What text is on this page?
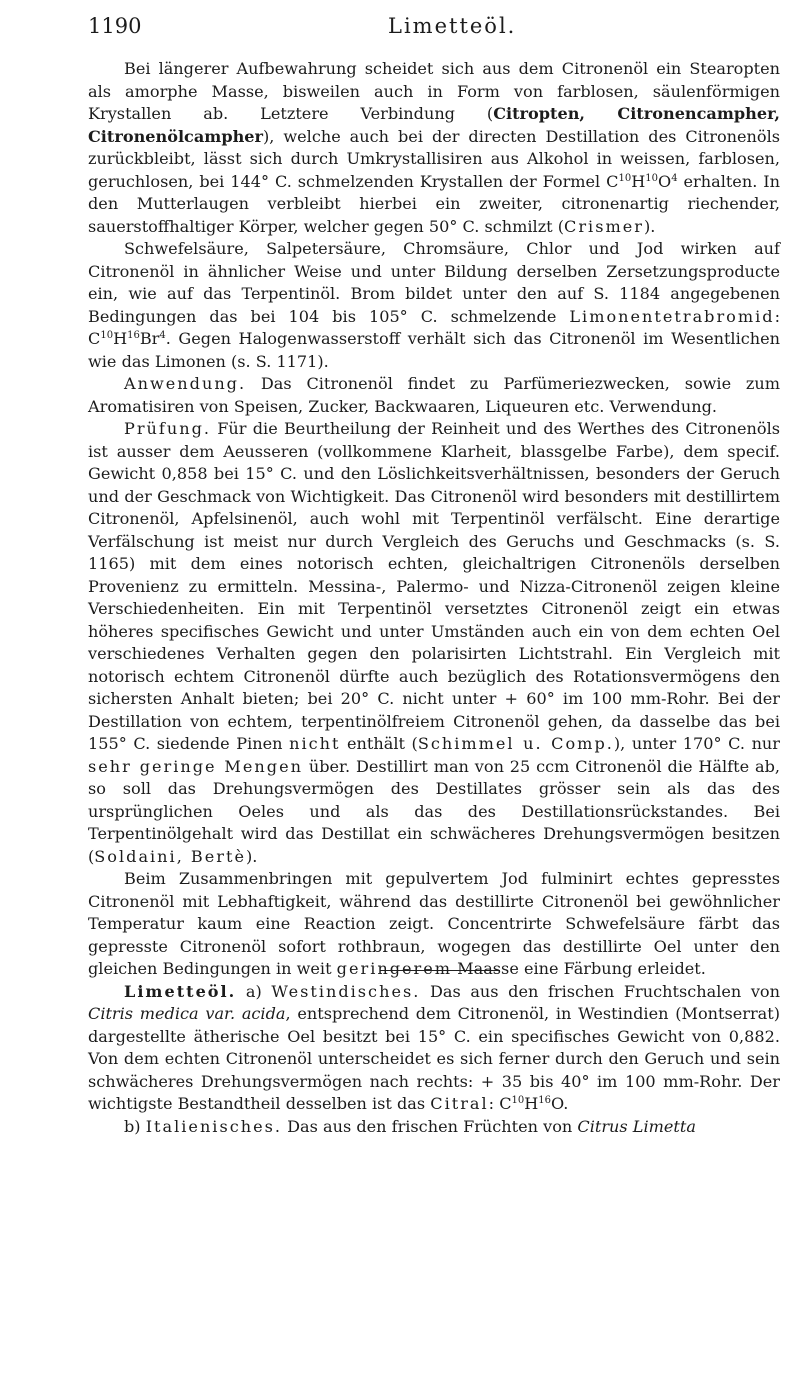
1190	Limetteöl.

Bei längerer Aufbewahrung scheidet sich aus dem Citronenöl ein Stearopten als amorphe Masse, bisweilen auch in Form von farblosen, säulenförmigen Krystallen ab. Letztere Verbindung (Citropten, Citronencampher, Citronenölcampher), welche auch bei der directen Destillation des Citronenöls zurückbleibt, lässt sich durch Umkrystallisiren aus Alkohol in weissen, farblosen, geruchlosen, bei 144° C. schmelzenden Krystallen der Formel $C^{10}H^{10}O^4$ erhalten. In den Mutterlaugen verbleibt hierbei ein zweiter, citronenartig riechender, sauerstoffhaltiger Körper, welcher gegen 50° C. schmilzt (Crismer).

Schwefelsäure, Salpetersäure, Chromsäure, Chlor und Jod wirken auf Citronenöl in ähnlicher Weise und unter Bildung derselben Zersetzungsproducte ein, wie auf das Terpentinöl. Brom bildet unter den auf S. 1184 angegebenen Bedingungen das bei 104 bis 105° C. schmelzende Limonentetrabromid: $C^{10}H^{16}Br^4$. Gegen Halogenwasserstoff verhält sich das Citronenöl im Wesentlichen wie das Limonen (s. S. 1171).

Anwendung. Das Citronenöl findet zu Parfümeriezwecken, sowie zum Aromatisiren von Speisen, Zucker, Backwaaren, Liqueuren etc. Verwendung.

Prüfung. Für die Beurtheilung der Reinheit und des Werthes des Citronenöls ist ausser dem Aeusseren (vollkommene Klarheit, blassgelbe Farbe), dem specif. Gewicht 0,858 bei 15° C. und den Löslichkeitsverhältnissen, besonders der Geruch und der Geschmack von Wichtigkeit. Das Citronenöl wird besonders mit destillirtem Citronenöl, Apfelsinenöl, auch wohl mit Terpentinöl verfälscht. Eine derartige Verfälschung ist meist nur durch Vergleich des Geruchs und Geschmacks (s. S. 1165) mit dem eines notorisch echten, gleichaltrigen Citronenöls derselben Provenienz zu ermitteln. Messina-, Palermo- und Nizza-Citronenöl zeigen kleine Verschiedenheiten. Ein mit Terpentinöl versetztes Citronenöl zeigt ein etwas höheres specifisches Gewicht und unter Umständen auch ein von dem echten Oel verschiedenes Verhalten gegen den polarisirten Lichtstrahl. Ein Vergleich mit notorisch echtem Citronenöl dürfte auch bezüglich des Rotationsvermögens den sichersten Anhalt bieten; bei 20° C. nicht unter + 60° im 100 mm-Rohr. Bei der Destillation von echtem, terpentinölfreiem Citronenöl gehen, da dasselbe das bei 155° C. siedende Pinen nicht enthält (Schimmel u. Comp.), unter 170° C. nur sehr geringe Mengen über. Destillirt man von 25 ccm Citronenöl die Hälfte ab, so soll das Drehungsvermögen des Destillates grösser sein als das des ursprünglichen Oeles und als das des Destillationsrückstandes. Bei Terpentinölgehalt wird das Destillat ein schwächeres Drehungsvermögen besitzen (Soldaini, Bertè).

Beim Zusammenbringen mit gepulvertem Jod fulminirt echtes gepresstes Citronenöl mit Lebhaftigkeit, während das destillirte Citronenöl bei gewöhnlicher Temperatur kaum eine Reaction zeigt. Concentrirte Schwefelsäure färbt das gepresste Citronenöl sofort rothbraun, wogegen das destillirte Oel unter den gleichen Bedingungen in weit geringerem Maasse eine Färbung erleidet.

Limetteöl. a) Westindisches. Das aus den frischen Fruchtschalen von Citris medica var. acida, entsprechend dem Citronenöl, in Westindien (Montserrat) dargestellte ätherische Oel besitzt bei 15° C. ein specifisches Gewicht von 0,882. Von dem echten Citronenöl unterscheidet es sich ferner durch den Geruch und sein schwächeres Drehungsvermögen nach rechts: + 35 bis 40° im 100 mm-Rohr. Der wichtigste Bestandtheil desselben ist das Citral: $C^{10}H^{16}O$.

b) Italienisches. Das aus den frischen Früchten von Citrus Limetta
